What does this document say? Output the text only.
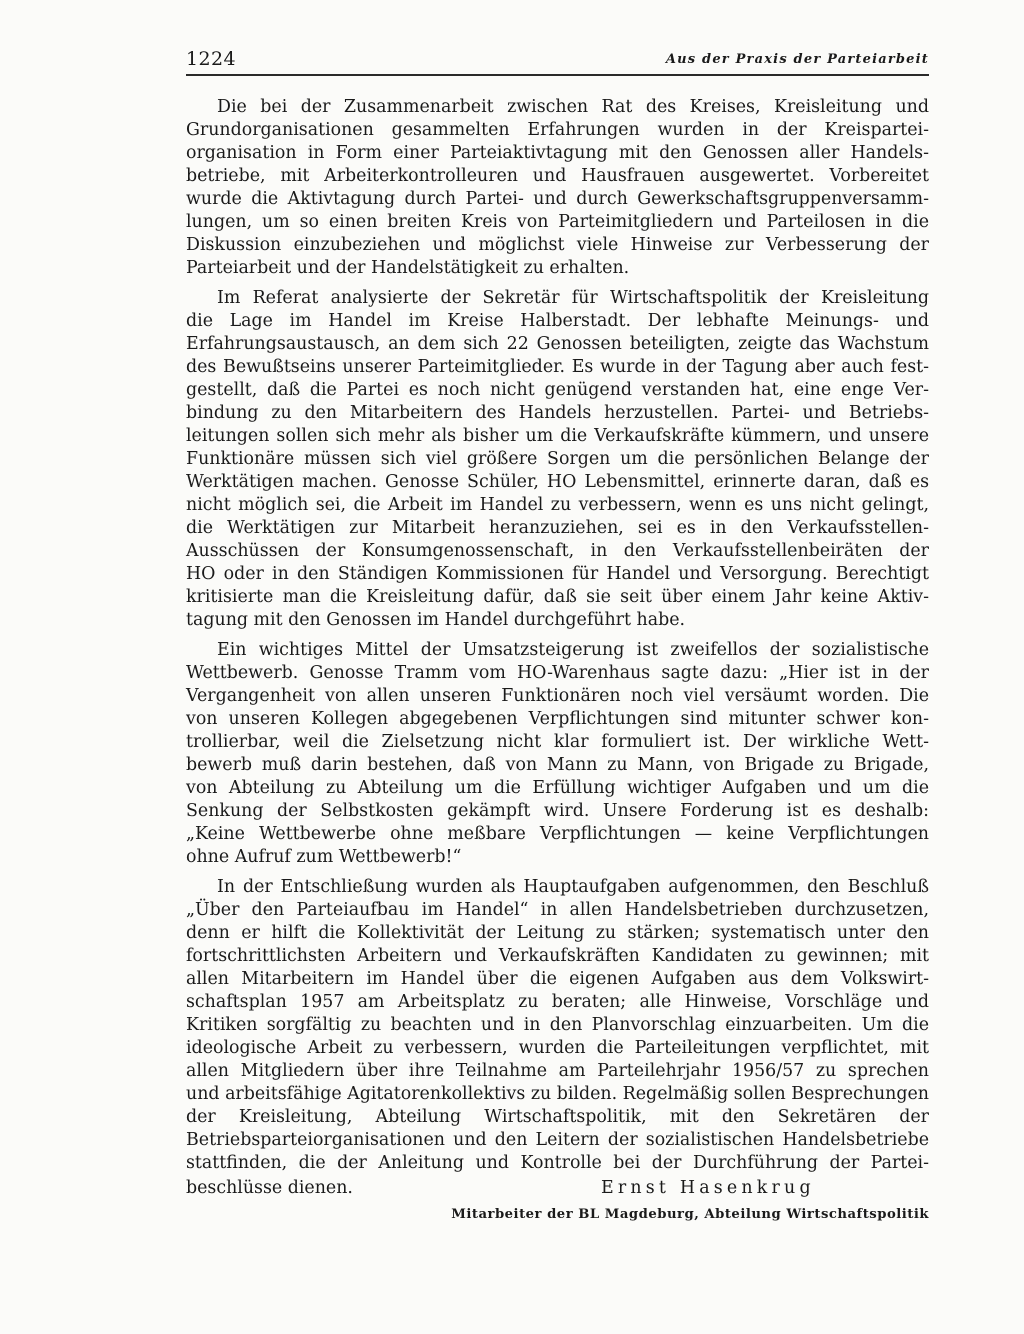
1224	Aus der Praxis der Parteiarbeit

Die bei der Zusammenarbeit zwischen Rat des Kreises, Kreisleitung und
Grundorganisationen gesammelten Erfahrungen wurden in der Kreispartei-
organisation in Form einer Parteiaktivtagung mit den Genossen aller Handels-
betriebe, mit Arbeiterkontrolleuren und Hausfrauen ausgewertet. Vorbereitet
wurde die Aktivtagung durch Partei- und durch Gewerkschaftsgruppenversamm-
lungen, um so einen breiten Kreis von Parteimitgliedern und Parteilosen in die
Diskussion einzubeziehen und möglichst viele Hinweise zur Verbesserung der
Parteiarbeit und der Handelstätigkeit zu erhalten.

Im Referat analysierte der Sekretär für Wirtschaftspolitik der Kreisleitung
die Lage im Handel im Kreise Halberstadt. Der lebhafte Meinungs- und
Erfahrungsaustausch, an dem sich 22 Genossen beteiligten, zeigte das Wachstum
des Bewußtseins unserer Parteimitglieder. Es wurde in der Tagung aber auch fest-
gestellt, daß die Partei es noch nicht genügend verstanden hat, eine enge Ver-
bindung zu den Mitarbeitern des Handels herzustellen. Partei- und Betriebs-
leitungen sollen sich mehr als bisher um die Verkaufskräfte kümmern, und unsere
Funktionäre müssen sich viel größere Sorgen um die persönlichen Belange der
Werktätigen machen. Genosse Schüler, HO Lebensmittel, erinnerte daran, daß es
nicht möglich sei, die Arbeit im Handel zu verbessern, wenn es uns nicht gelingt,
die Werktätigen zur Mitarbeit heranzuziehen, sei es in den Verkaufsstellen-
Ausschüssen der Konsumgenossenschaft, in den Verkaufsstellenbeiräten der
HO oder in den Ständigen Kommissionen für Handel und Versorgung. Berechtigt
kritisierte man die Kreisleitung dafür, daß sie seit über einem Jahr keine Aktiv-
tagung mit den Genossen im Handel durchgeführt habe.

Ein wichtiges Mittel der Umsatzsteigerung ist zweifellos der sozialistische
Wettbewerb. Genosse Tramm vom HO-Warenhaus sagte dazu: „Hier ist in der
Vergangenheit von allen unseren Funktionären noch viel versäumt worden. Die
von unseren Kollegen abgegebenen Verpflichtungen sind mitunter schwer kon-
trollierbar, weil die Zielsetzung nicht klar formuliert ist. Der wirkliche Wett-
bewerb muß darin bestehen, daß von Mann zu Mann, von Brigade zu Brigade,
von Abteilung zu Abteilung um die Erfüllung wichtiger Aufgaben und um die
Senkung der Selbstkosten gekämpft wird. Unsere Forderung ist es deshalb:
„Keine Wettbewerbe ohne meßbare Verpflichtungen — keine Verpflichtungen
ohne Aufruf zum Wettbewerb!“

In der Entschließung wurden als Hauptaufgaben aufgenommen, den Beschluß
„Über den Parteiaufbau im Handel“ in allen Handelsbetrieben durchzusetzen,
denn er hilft die Kollektivität der Leitung zu stärken; systematisch unter den
fortschrittlichsten Arbeitern und Verkaufskräften Kandidaten zu gewinnen; mit
allen Mitarbeitern im Handel über die eigenen Aufgaben aus dem Volkswirt-
schaftsplan 1957 am Arbeitsplatz zu beraten; alle Hinweise, Vorschläge und
Kritiken sorgfältig zu beachten und in den Planvorschlag einzuarbeiten. Um die
ideologische Arbeit zu verbessern, wurden die Parteileitungen verpflichtet, mit
allen Mitgliedern über ihre Teilnahme am Parteilehrjahr 1956/57 zu sprechen
und arbeitsfähige Agitatorenkollektivs zu bilden. Regelmäßig sollen Besprechungen
der Kreisleitung, Abteilung Wirtschaftspolitik, mit den Sekretären der
Betriebsparteiorganisationen und den Leitern der sozialistischen Handelsbetriebe
stattfinden, die der Anleitung und Kontrolle bei der Durchführung der Partei-

beschlüsse dienen.	Ernst Hasenkrug
Mitarbeiter der BL Magdeburg, Abteilung Wirtschaftspolitik
